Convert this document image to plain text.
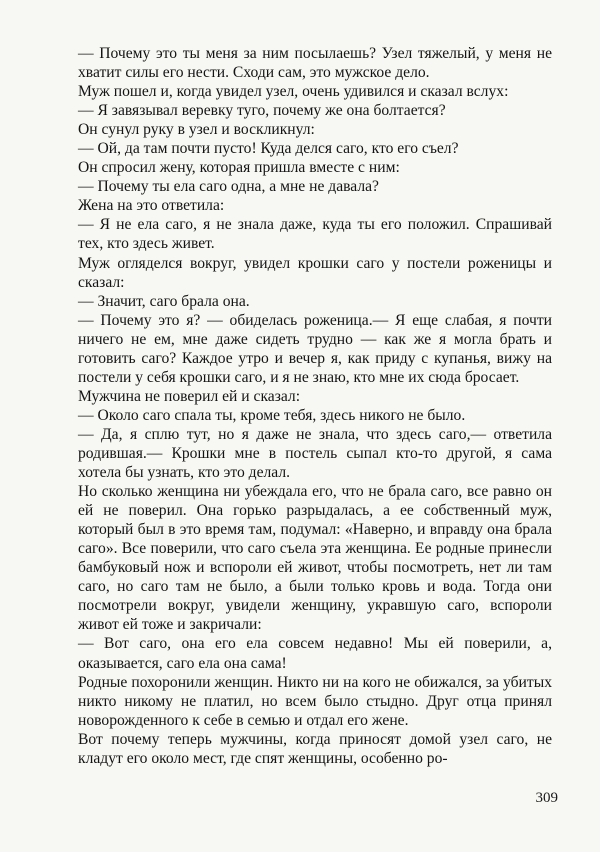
— Почему это ты меня за ним посылаешь? Узел тяжелый, у меня не хватит силы его нести. Сходи сам, это мужское дело.

Муж пошел и, когда увидел узел, очень удивился и сказал вслух:

— Я завязывал веревку туго, почему же она болтается?

Он сунул руку в узел и воскликнул:

— Ой, да там почти пусто! Куда делся саго, кто его съел?

Он спросил жену, которая пришла вместе с ним:

— Почему ты ела саго одна, а мне не давала?

Жена на это ответила:

— Я не ела саго, я не знала даже, куда ты его положил. Спрашивай тех, кто здесь живет.

Муж огляделся вокруг, увидел крошки саго у постели роженицы и сказал:

— Значит, саго брала она.

— Почему это я? — обиделась роженица.— Я еще слабая, я почти ничего не ем, мне даже сидеть трудно — как же я могла брать и готовить саго? Каждое утро и вечер я, как приду с купанья, вижу на постели у себя крошки саго, и я не знаю, кто мне их сюда бросает.

Мужчина не поверил ей и сказал:

— Около саго спала ты, кроме тебя, здесь никого не было.

— Да, я сплю тут, но я даже не знала, что здесь саго,— ответила родившая.— Крошки мне в постель сыпал кто-то другой, я сама хотела бы узнать, кто это делал.

Но сколько женщина ни убеждала его, что не брала саго, все равно он ей не поверил. Она горько разрыдалась, а ее собственный муж, который был в это время там, подумал: «Наверно, и вправду она брала саго». Все поверили, что саго съела эта женщина. Ее родные принесли бамбуковый нож и вспороли ей живот, чтобы посмотреть, нет ли там саго, но саго там не было, а были только кровь и вода. Тогда они посмотрели вокруг, увидели женщину, укравшую саго, вспороли живот ей тоже и закричали:

— Вот саго, она его ела совсем недавно! Мы ей поверили, а, оказывается, саго ела она сама!

Родные похоронили женщин. Никто ни на кого не обижался, за убитых никто никому не платил, но всем было стыдно. Друг отца принял новорожденного к себе в семью и отдал его жене.

Вот почему теперь мужчины, когда приносят домой узел саго, не кладут его около мест, где спят женщины, особенно ро-

309
